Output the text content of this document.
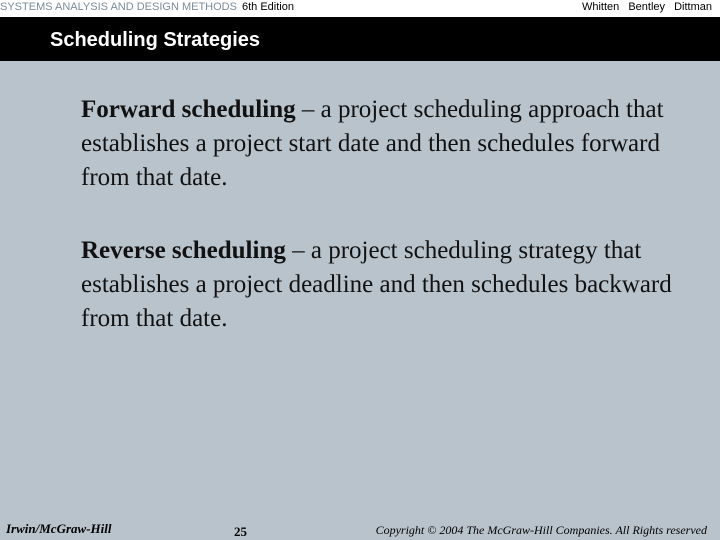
SYSTEMS ANALYSIS AND DESIGN METHODS 6th Edition	Whitten Bentley Dittman
Scheduling Strategies
Forward scheduling – a project scheduling approach that establishes a project start date and then schedules forward from that date.
Reverse scheduling – a project scheduling strategy that establishes a project deadline and then schedules backward from that date.
Irwin/McGraw-Hill	25	Copyright © 2004 The McGraw-Hill Companies. All Rights reserved
